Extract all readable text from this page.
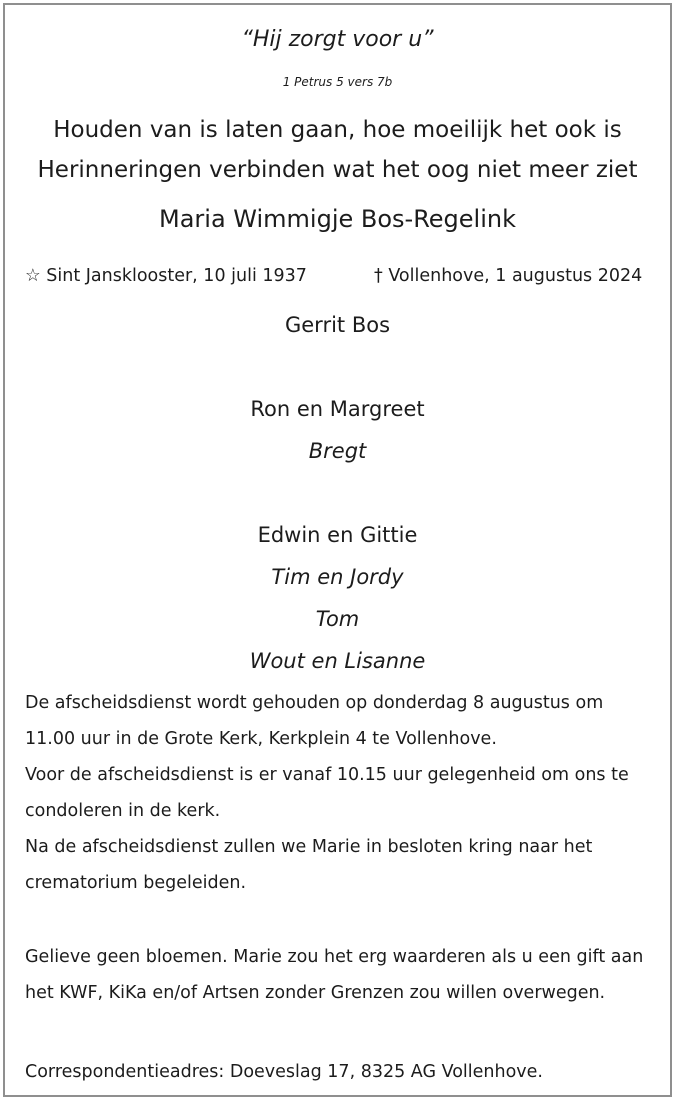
“Hij zorgt voor u”
1 Petrus 5 vers 7b
Houden van is laten gaan, hoe moeilijk het ook is
Herinneringen verbinden wat het oog niet meer ziet
Maria Wimmigje Bos-Regelink
☆ Sint Jansklooster, 10 juli 1937	† Vollenhove, 1 augustus 2024
Gerrit Bos
Ron en Margreet
Bregt
Edwin en Gittie
Tim en Jordy
Tom
Wout en Lisanne
De afscheidsdienst wordt gehouden op donderdag 8 augustus om
11.00 uur in de Grote Kerk, Kerkplein 4 te Vollenhove.
Voor de afscheidsdienst is er vanaf 10.15 uur gelegenheid om ons te
condoleren in de kerk.
Na de afscheidsdienst zullen we Marie in besloten kring naar het
crematorium begeleiden.
Gelieve geen bloemen. Marie zou het erg waarderen als u een gift aan
het KWF, KiKa en/of Artsen zonder Grenzen zou willen overwegen.
Correspondentieadres: Doeveslag 17, 8325 AG Vollenhove.
